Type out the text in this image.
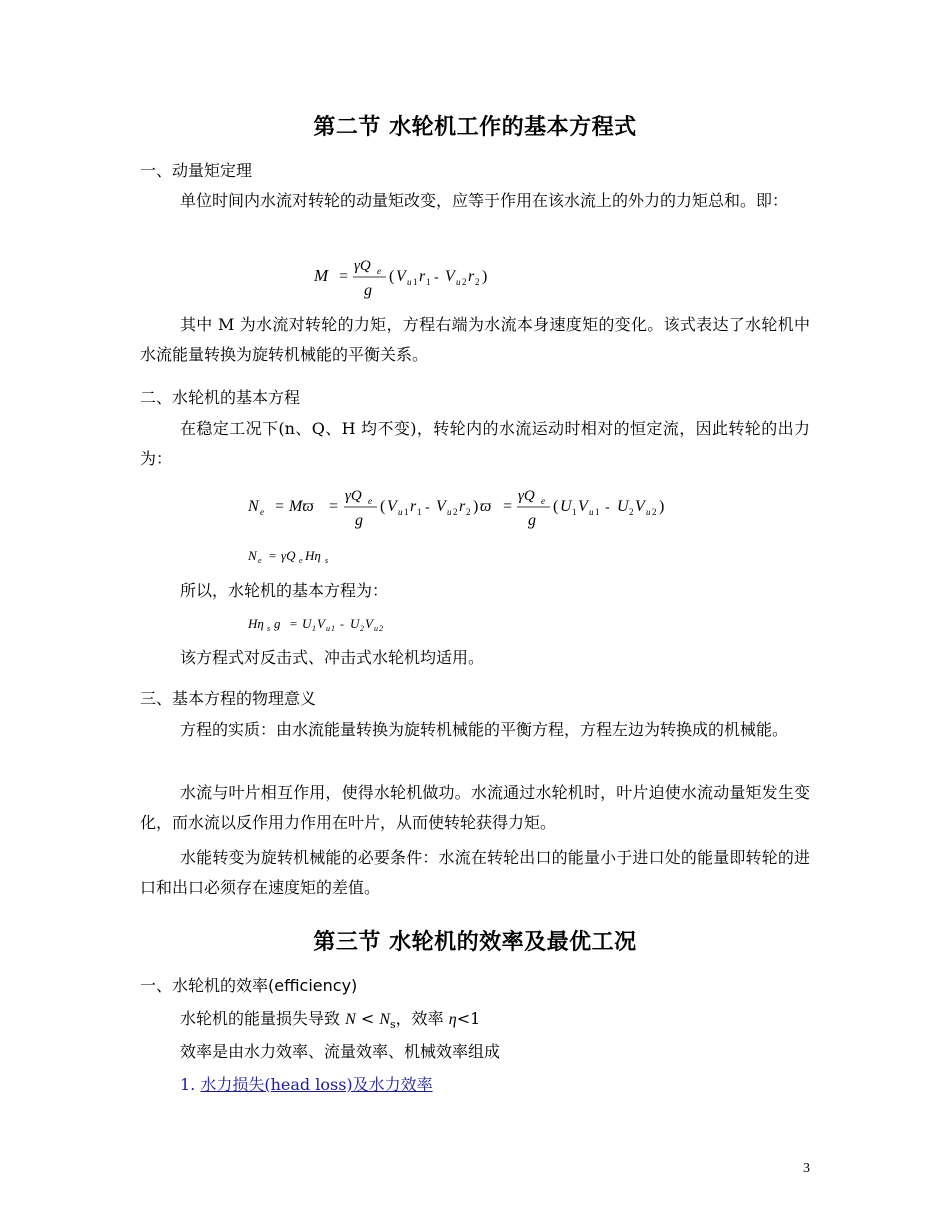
第二节 水轮机工作的基本方程式
一、动量矩定理

单位时间内水流对转轮的动量矩改变，应等于作用在该水流上的外力的力矩总和。即：

M =
γQ e
g
( V u 1 r 1 - V u 2 r 2 )

其中 M 为水流对转轮的力矩，方程右端为水流本身速度矩的变化。该式表达了水轮机中水流能量转换为旋转机械能的平衡关系。

二、水轮机的基本方程

在稳定工况下(n、Q、H 均不变)，转轮内的水流运动时相对的恒定流，因此转轮的出力为：

N e = Mϖ =
γQ e
g
( V u 1 r 1 - V u 2 r 2 ) ϖ =
γQ e
g
( U 1 V u 1 - U 2 V u 2 )
N e = γQ e Hη s
所以，水轮机的基本方程为：
Hη s g = U 1 V u 1 - U 2 V u 2
该方程式对反击式、冲击式水轮机均适用。
三、基本方程的物理意义

方程的实质：由水流能量转换为旋转机械能的平衡方程，方程左边为转换成的机械能。

水流与叶片相互作用，使得水轮机做功。水流通过水轮机时，叶片迫使水流动量矩发生变化，而水流以反作用力作用在叶片，从而使转轮获得力矩。

水能转变为旋转机械能的必要条件：水流在转轮出口的能量小于进口处的能量即转轮的进口和出口必须存在速度矩的差值。

第三节 水轮机的效率及最优工况
一、水轮机的效率(efficiency)
水轮机的能量损失导致 $N < N_s$，效率 η<1
效率是由水力效率、流量效率、机械效率组成
1. 水力损失(head loss)及水力效率
3
